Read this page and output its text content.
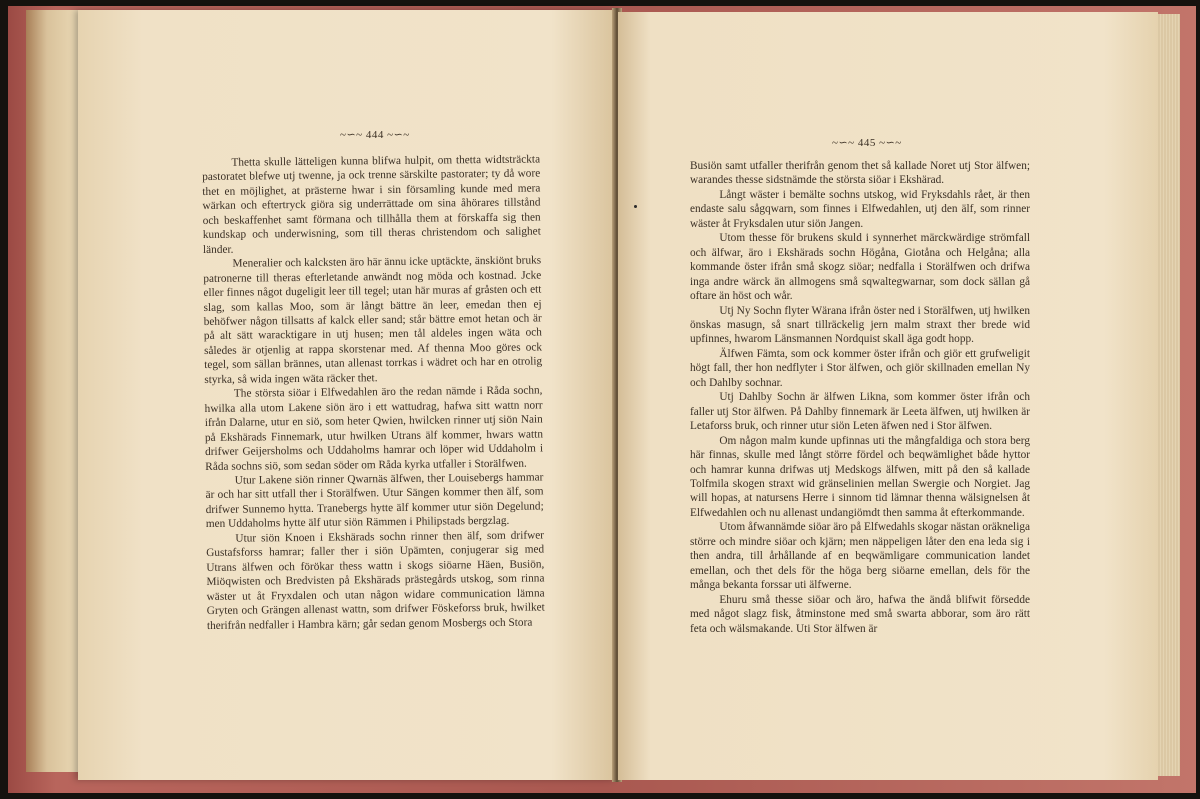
~∽~ 444 ~∽~

Thetta skulle lätteligen kunna blifwa hulpit, om thetta widtsträckta pastoratet blefwe utj twenne, ja ock trenne särskilte pastorater; ty då wore thet en möjlighet, at prästerne hwar i sin församling kunde med mera wärkan och eftertryck giöra sig underrättade om sina åhörares tillstånd och beskaffenhet samt förmana och tillhålla them at förskaffa sig then kundskap och underwisning, som till theras christendom och salighet länder.

Meneralier och kalcksten äro här ännu icke uptäckte, änskiönt bruks patronerne till theras efterletande anwändt nog möda och kostnad. Jcke eller finnes något dugeligit leer till tegel; utan här muras af gråsten och ett slag, som kallas Moo, som är långt bättre än leer, emedan then ej behöfwer någon tillsatts af kalck eller sand; står bättre emot hetan och är på alt sätt waracktigare in utj husen; men tål aldeles ingen wäta och således är otjenlig at rappa skorstenar med. Af thenna Moo göres ock tegel, som sällan brännes, utan allenast torrkas i wädret och har en otrolig styrka, så wida ingen wäta räcker thet.

The största siöar i Elfwedahlen äro the redan nämde i Råda sochn, hwilka alla utom Lakene siön äro i ett wattudrag, hafwa sitt wattn norr ifrån Dalarne, utur en siö, som heter Qwien, hwilcken rinner utj siön Nain på Ekshärads Finnemark, utur hwilken Utrans älf kommer, hwars wattn drifwer Geijersholms och Uddaholms hamrar och löper wid Uddaholm i Råda sochns siö, som sedan söder om Råda kyrka utfaller i Storälfwen.

Utur Lakene siön rinner Qwarnäs älfwen, ther Louisebergs hammar är och har sitt utfall ther i Storälfwen. Utur Sängen kommer then älf, som drifwer Sunnemo hytta. Tranebergs hytte älf kommer utur siön Degelund; men Uddaholms hytte älf utur siön Rämmen i Philipstads bergzlag.

Utur siön Knoen i Ekshärads sochn rinner then älf, som drifwer Gustafsforss hamrar; faller ther i siön Upämten, conjugerar sig med Utrans älfwen och förökar thess wattn i skogs siöarne Häen, Busiön, Miöqwisten och Bredvisten på Ekshärads prästegårds utskog, som rinna wäster ut åt Fryxdalen och utan någon widare communication lämna Gryten och Grängen allenast wattn, som drifwer Föskeforss bruk, hwilket therifrån nedfaller i Hambra kärn; går sedan genom Mosbergs och Stora

~∽~ 445 ~∽~

Busiön samt utfaller therifrån genom thet så kallade Noret utj Stor älfwen; warandes thesse sidstnämde the största siöar i Ekshärad.

Långt wäster i bemälte sochns utskog, wid Fryksdahls rået, är then endaste salu sågqwarn, som finnes i Elfwedahlen, utj den älf, som rinner wäster åt Fryksdalen utur siön Jangen.

Utom thesse för brukens skuld i synnerhet märckwärdige strömfall och älfwar, äro i Ekshärads sochn Högåna, Giotåna och Helgåna; alla kommande öster ifrån små skogz siöar; nedfalla i Storälfwen och drifwa inga andre wärck än allmogens små sqwaltegwarnar, som dock sällan gå oftare än höst och wår.

Utj Ny Sochn flyter Wärana ifrån öster ned i Storälfwen, utj hwilken önskas masugn, så snart tillräckelig jern malm straxt ther brede wid upfinnes, hwarom Länsmannen Nordquist skall äga godt hopp.

Älfwen Fämta, som ock kommer öster ifrån och giör ett grufweligit högt fall, ther hon nedflyter i Stor älfwen, och giör skillnaden emellan Ny och Dahlby sochnar.

Utj Dahlby Sochn är älfwen Likna, som kommer öster ifrån och faller utj Stor älfwen. På Dahlby finnemark är Leeta älfwen, utj hwilken är Letaforss bruk, och rinner utur siön Leten äfwen ned i Stor älfwen.

Om någon malm kunde upfinnas uti the mångfaldiga och stora berg här finnas, skulle med långt större fördel och beqwämlighet både hyttor och hamrar kunna drifwas utj Medskogs älfwen, mitt på den så kallade Tolfmila skogen straxt wid gränselinien mellan Swergie och Norgiet. Jag will hopas, at natursens Herre i sinnom tid lämnar thenna wälsignelsen åt Elfwedahlen och nu allenast undangiömdt then samma åt efterkommande.

Utom åfwannämde siöar äro på Elfwedahls skogar nästan oräkneliga större och mindre siöar och kjärn; men näppeligen låter den ena leda sig i then andra, till århållande af en beqwämligare communication landet emellan, och thet dels för the höga berg siöarne emellan, dels för the många bekanta forssar uti älfwerne.

Ehuru små thesse siöar och äro, hafwa the ändå blifwit försedde med något slagz fisk, åtminstone med små swarta abborar, som äro rätt feta och wälsmakande. Uti Stor älfwen är
